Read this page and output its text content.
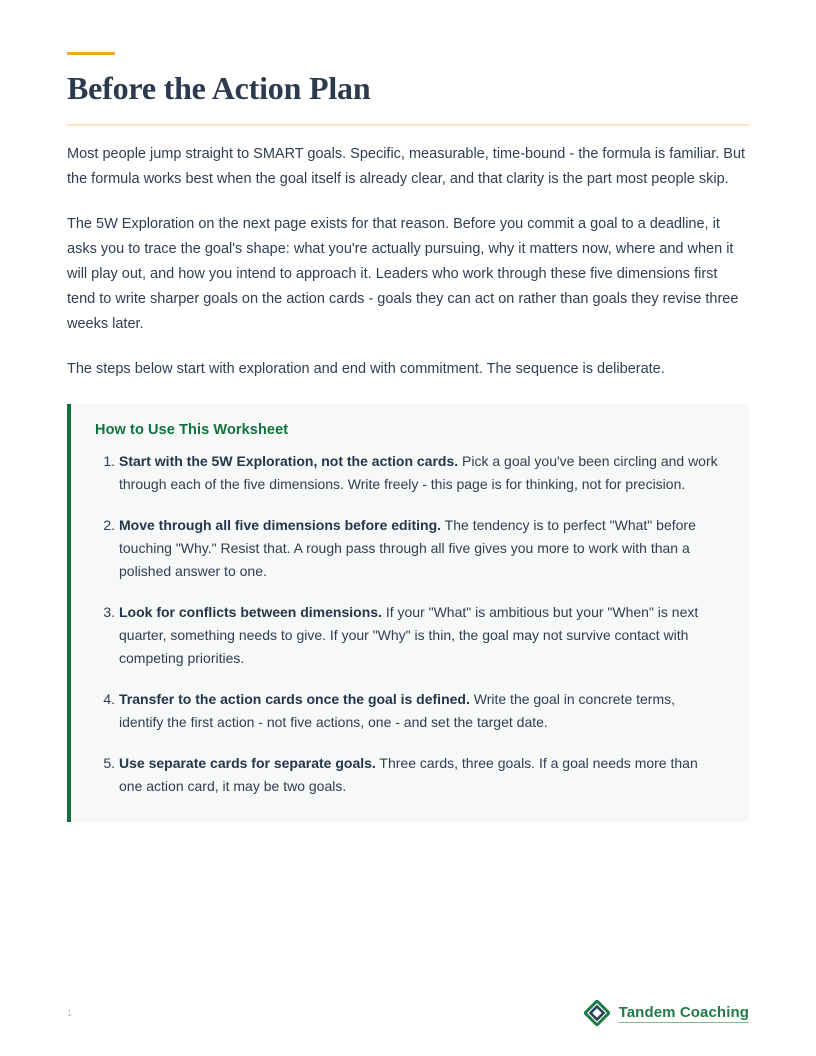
Before the Action Plan

Most people jump straight to SMART goals. Specific, measurable, time-bound - the formula is familiar. But the formula works best when the goal itself is already clear, and that clarity is the part most people skip.

The 5W Exploration on the next page exists for that reason. Before you commit a goal to a deadline, it asks you to trace the goal's shape: what you're actually pursuing, why it matters now, where and when it will play out, and how you intend to approach it. Leaders who work through these five dimensions first tend to write sharper goals on the action cards - goals they can act on rather than goals they revise three weeks later.

The steps below start with exploration and end with commitment. The sequence is deliberate.

How to Use This Worksheet
Start with the 5W Exploration, not the action cards. Pick a goal you've been circling and work through each of the five dimensions. Write freely - this page is for thinking, not for precision.
Move through all five dimensions before editing. The tendency is to perfect "What" before touching "Why." Resist that. A rough pass through all five gives you more to work with than a polished answer to one.
Look for conflicts between dimensions. If your "What" is ambitious but your "When" is next quarter, something needs to give. If your "Why" is thin, the goal may not survive contact with competing priorities.
Transfer to the action cards once the goal is defined. Write the goal in concrete terms, identify the first action - not five actions, one - and set the target date.
Use separate cards for separate goals. Three cards, three goals. If a goal needs more than one action card, it may be two goals.
1	Tandem Coaching
